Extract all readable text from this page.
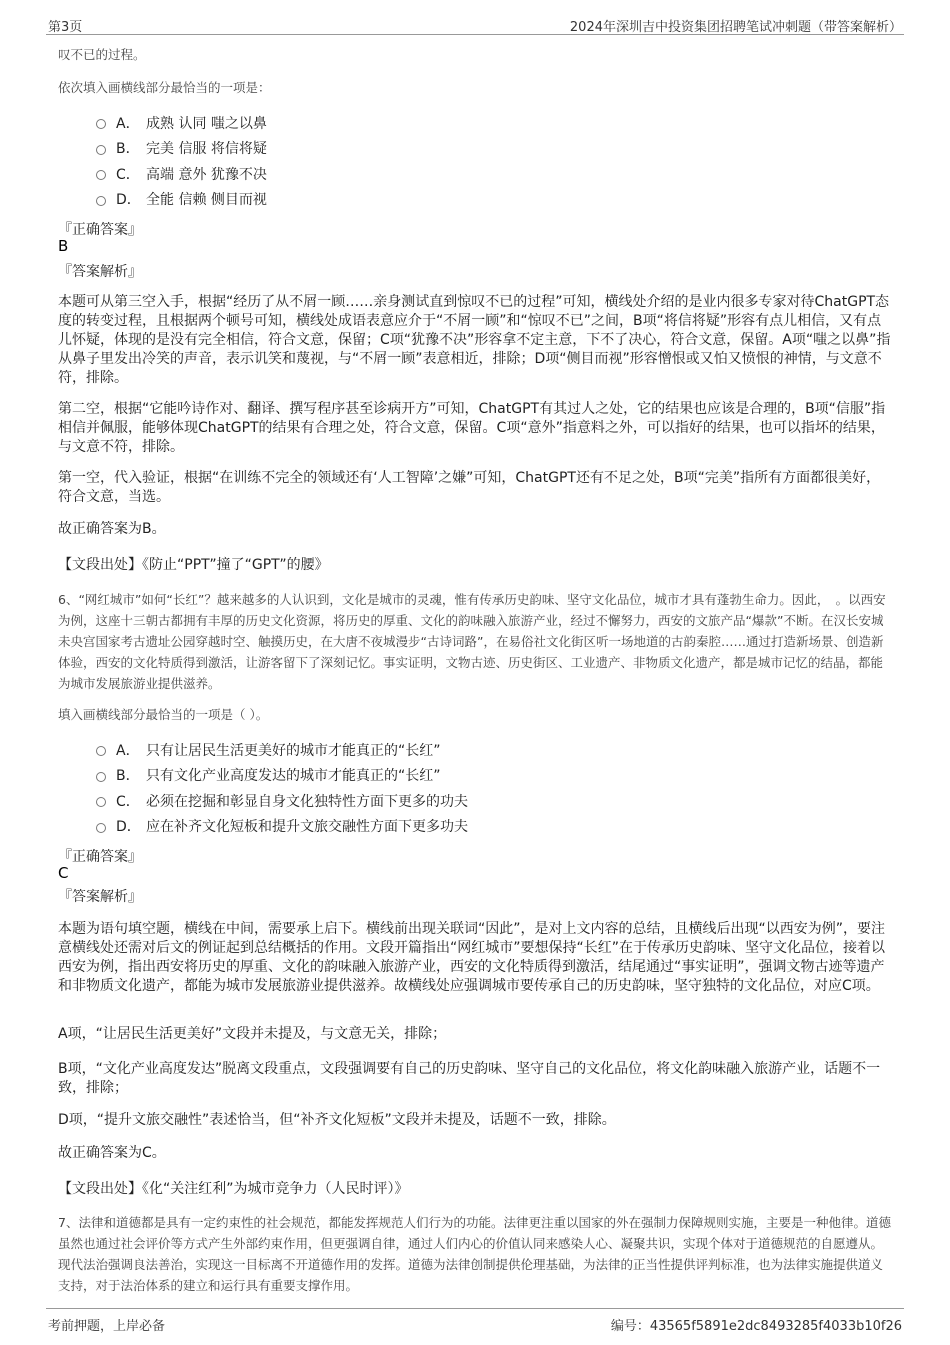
第3页	2024年深圳吉中投资集团招聘笔试冲刺题（带答案解析）
叹不已的过程。
依次填入画横线部分最恰当的一项是：
A． 成熟 认同 嗤之以鼻
B． 完美 信服 将信将疑
C． 高端 意外 犹豫不决
D． 全能 信赖 侧目而视
『正确答案』
B
『答案解析』
本题可从第三空入手，根据“经历了从不屑一顾……亲身测试直到惊叹不已的过程”可知，横线处介绍的是业内很多专家对待ChatGPT态度的转变过程，且根据两个顿号可知，横线处成语表意应介于“不屑一顾”和“惊叹不已”之间，B项“将信将疑”形容有点儿相信，又有点儿怀疑，体现的是没有完全相信，符合文意，保留；C项“犹豫不决”形容拿不定主意，下不了决心，符合文意，保留。A项“嗤之以鼻”指从鼻子里发出冷笑的声音，表示讥笑和蔑视，与“不屑一顾”表意相近，排除；D项“侧目而视”形容憎恨或又怕又愤恨的神情，与文意不符，排除。
第二空，根据“它能吟诗作对、翻译、撰写程序甚至诊病开方”可知，ChatGPT有其过人之处，它的结果也应该是合理的，B项“信服”指相信并佩服，能够体现ChatGPT的结果有合理之处，符合文意，保留。C项“意外”指意料之外，可以指好的结果，也可以指坏的结果，与文意不符，排除。
第一空，代入验证，根据“在训练不完全的领域还有‘人工智障’之嫌”可知，ChatGPT还有不足之处，B项“完美”指所有方面都很美好，符合文意，当选。
故正确答案为B。
【文段出处】《防止“PPT”撞了“GPT”的腰》
6、“网红城市”如何“长红”？越来越多的人认识到，文化是城市的灵魂，惟有传承历史韵味、坚守文化品位，城市才具有蓬勃生命力。因此，　。以西安为例，这座十三朝古都拥有丰厚的历史文化资源，将历史的厚重、文化的韵味融入旅游产业，经过不懈努力，西安的文旅产品“爆款”不断。在汉长安城未央宫国家考古遗址公园穿越时空、触摸历史，在大唐不夜城漫步“古诗词路”，在易俗社文化街区听一场地道的古韵秦腔……通过打造新场景、创造新体验，西安的文化特质得到激活，让游客留下了深刻记忆。事实证明，文物古迹、历史街区、工业遗产、非物质文化遗产，都是城市记忆的结晶，都能为城市发展旅游业提供滋养。
填入画横线部分最恰当的一项是（ ）。
A． 只有让居民生活更美好的城市才能真正的“长红”
B． 只有文化产业高度发达的城市才能真正的“长红”
C． 必须在挖掘和彰显自身文化独特性方面下更多的功夫
D． 应在补齐文化短板和提升文旅交融性方面下更多功夫
『正确答案』
C
『答案解析』
本题为语句填空题，横线在中间，需要承上启下。横线前出现关联词“因此”，是对上文内容的总结，且横线后出现“以西安为例”，要注意横线处还需对后文的例证起到总结概括的作用。文段开篇指出“网红城市”要想保持“长红”在于传承历史韵味、坚守文化品位，接着以西安为例，指出西安将历史的厚重、文化的韵味融入旅游产业，西安的文化特质得到激活，结尾通过“事实证明”，强调文物古迹等遗产和非物质文化遗产，都能为城市发展旅游业提供滋养。故横线处应强调城市要传承自己的历史韵味，坚守独特的文化品位，对应C项。
A项，“让居民生活更美好”文段并未提及，与文意无关，排除；
B项，“文化产业高度发达”脱离文段重点，文段强调要有自己的历史韵味、坚守自己的文化品位，将文化韵味融入旅游产业，话题不一致，排除；
D项，“提升文旅交融性”表述恰当，但“补齐文化短板”文段并未提及，话题不一致，排除。
故正确答案为C。
【文段出处】《化“关注红利”为城市竞争力（人民时评）》
7、法律和道德都是具有一定约束性的社会规范，都能发挥规范人们行为的功能。法律更注重以国家的外在强制力保障规则实施，主要是一种他律。道德虽然也通过社会评价等方式产生外部约束作用，但更强调自律，通过人们内心的价值认同来感染人心、凝聚共识，实现个体对于道德规范的自愿遵从。现代法治强调良法善治，实现这一目标离不开道德作用的发挥。道德为法律创制提供伦理基础，为法律的正当性提供评判标准，也为法律实施提供道义支持，对于法治体系的建立和运行具有重要支撑作用。
考前押题，上岸必备	编号：43565f5891e2dc8493285f4033b10f26
